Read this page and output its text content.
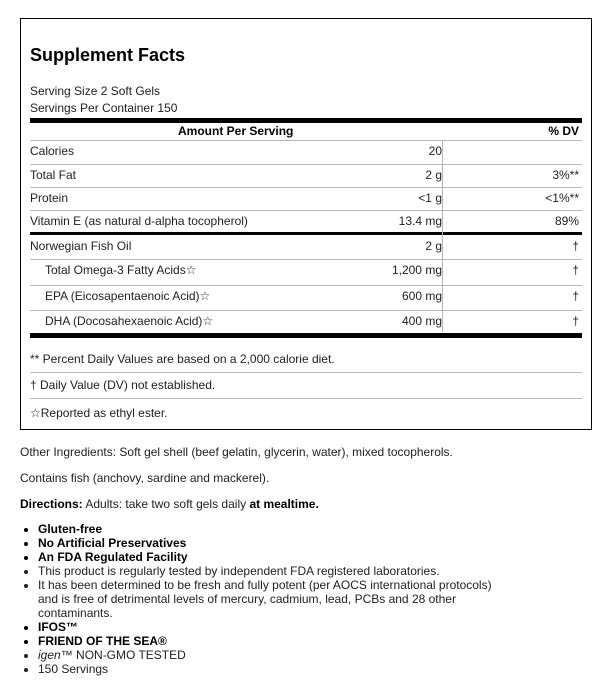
Supplement Facts
Serving Size 2 Soft Gels
Servings Per Container 150
Amount Per Serving	% DV
Calories	20
Total Fat	2 g	3%**
Protein	<1 g	<1%**
Vitamin E (as natural d-alpha tocopherol)	13.4 mg	89%
Norwegian Fish Oil	2 g	†
Total Omega-3 Fatty Acids☆	1,200 mg	†
EPA (Eicosapentaenoic Acid)☆	600 mg	†
DHA (Docosahexaenoic Acid)☆	400 mg	†
** Percent Daily Values are based on a 2,000 calorie diet.
† Daily Value (DV) not established.
☆Reported as ethyl ester.
Other Ingredients: Soft gel shell (beef gelatin, glycerin, water), mixed tocopherols.
Contains fish (anchovy, sardine and mackerel).
Directions: Adults: take two soft gels daily at mealtime.
• Gluten-free
• No Artificial Preservatives
• An FDA Regulated Facility
• This product is regularly tested by independent FDA registered laboratories.
• It has been determined to be fresh and fully potent (per AOCS international protocols) and is free of detrimental levels of mercury, cadmium, lead, PCBs and 28 other contaminants.
• IFOS™
• FRIEND OF THE SEA®
• igen™ NON-GMO TESTED
• 150 Servings
